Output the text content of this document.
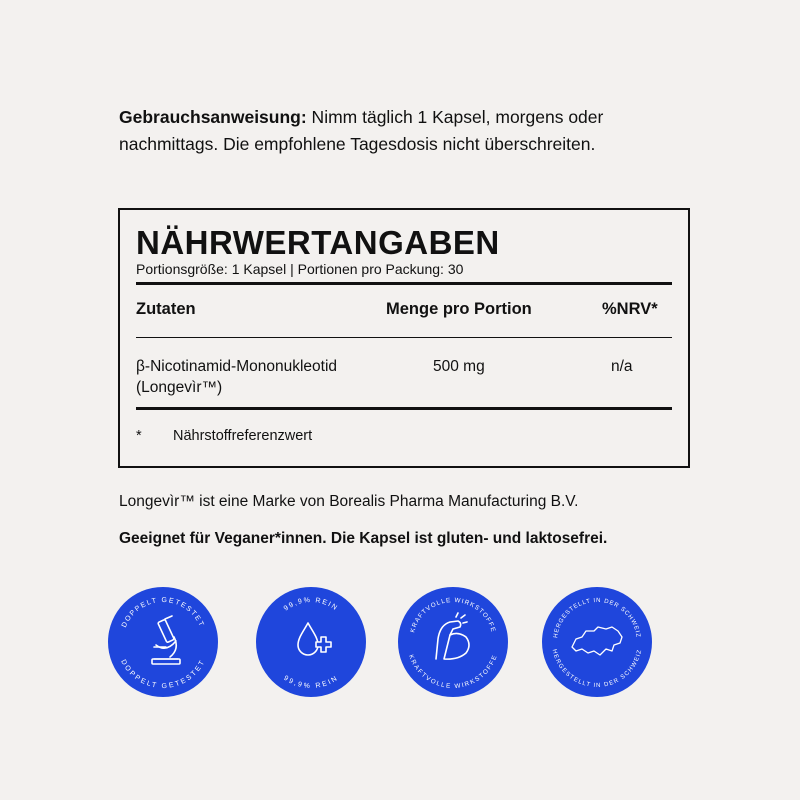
Gebrauchsanweisung: Nimm täglich 1 Kapsel, morgens oder
nachmittags. Die empfohlene Tagesdosis nicht überschreiten.
NÄHRWERTANGABEN
Portionsgröße: 1 Kapsel | Portionen pro Packung: 30
Zutaten	Menge pro Portion	%NRV*
β-Nicotinamid-Mononukleotid
(Longevìr™)
500 mg	n/a
* Nährstoffreferenzwert
Longevìr™ ist eine Marke von Borealis Pharma Manufacturing B.V.
Geeignet für Veganer*innen. Die Kapsel ist gluten- und laktosefrei.
DOPPELT GETESTET
DOPPELT GETESTET
99,9% REIN
99,9% REIN
KRAFTVOLLE WIRKSTOFFE
KRAFTVOLLE WIRKSTOFFE
HERGESTELLT IN DER SCHWEIZ
HERGESTELLT IN DER SCHWEIZ
